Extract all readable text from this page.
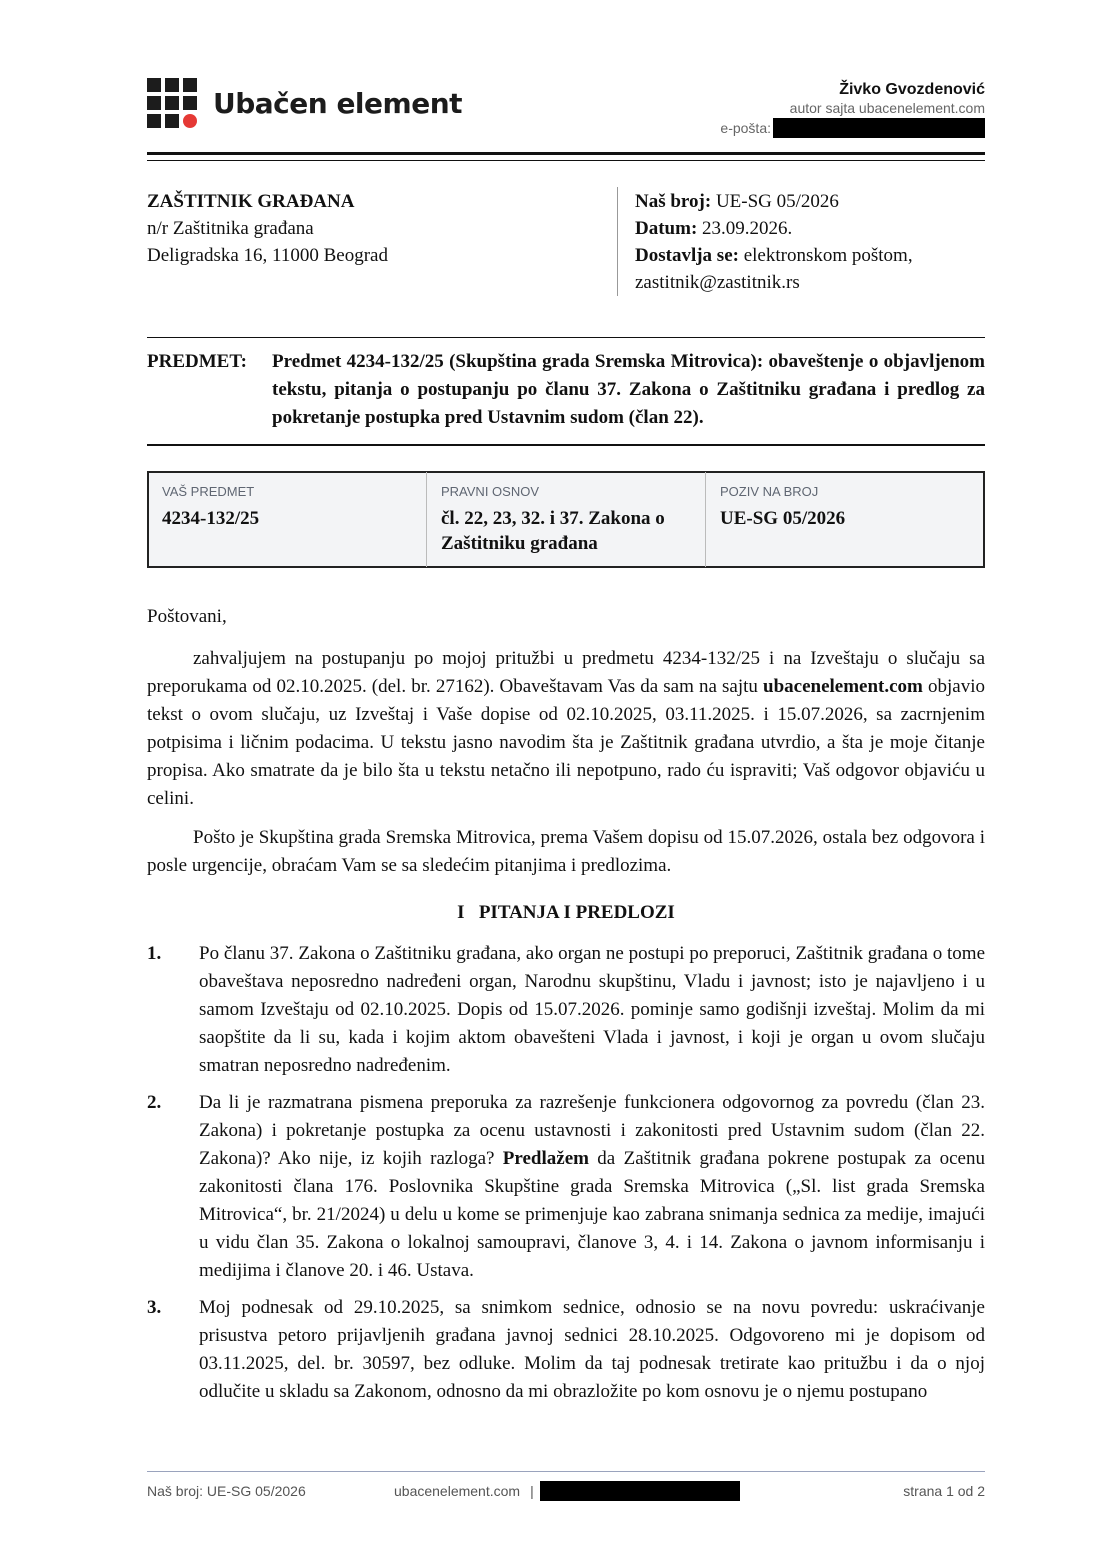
Ubačen element	Živko Gvozdenović
autor sajta ubacenelement.com
e-pošta:
ZAŠTITNIK GRAĐANA
n/r Zaštitnika građana
Deligradska 16, 11000 Beograd
Naš broj: UE-SG 05/2026
Datum: 23.09.2026.
Dostavlja se: elektronskom poštom,
zastitnik@zastitnik.rs
PREDMET:	Predmet 4234-132/25 (Skupština grada Sremska Mitrovica): obaveštenje o objavljenom tekstu, pitanja o postupanju po članu 37. Zakona o Zaštitniku građana i predlog za pokretanje postupka pred Ustavnim sudom (član 22).
VAŠ PREDMET
4234-132/25
PRAVNI OSNOV
čl. 22, 23, 32. i 37. Zakona o Zaštitniku građana
POZIV NA BROJ
UE-SG 05/2026

Poštovani,

zahvaljujem na postupanju po mojoj pritužbi u predmetu 4234-132/25 i na Izveštaju o slučaju sa preporukama od 02.10.2025. (del. br. 27162). Obaveštavam Vas da sam na sajtu ubacenelement.com objavio tekst o ovom slučaju, uz Izveštaj i Vaše dopise od 02.10.2025, 03.11.2025. i 15.07.2026, sa zacrnjenim potpisima i ličnim podacima. U tekstu jasno navodim šta je Zaštitnik građana utvrdio, a šta je moje čitanje propisa. Ako smatrate da je bilo šta u tekstu netačno ili nepotpuno, rado ću ispraviti; Vaš odgovor objaviću u celini.

Pošto je Skupština grada Sremska Mitrovica, prema Vašem dopisu od 15.07.2026, ostala bez odgovora i posle urgencije, obraćam Vam se sa sledećim pitanjima i predlozima.

I   PITANJA I PREDLOZI

1.	Po članu 37. Zakona o Zaštitniku građana, ako organ ne postupi po preporuci, Zaštitnik građana o tome obaveštava neposredno nadređeni organ, Narodnu skupštinu, Vladu i javnost; isto je najavljeno i u samom Izveštaju od 02.10.2025. Dopis od 15.07.2026. pominje samo godišnji izveštaj. Molim da mi saopštite da li su, kada i kojim aktom obavešteni Vlada i javnost, i koji je organ u ovom slučaju smatran neposredno nadređenim.
2.	Da li je razmatrana pismena preporuka za razrešenje funkcionera odgovornog za povredu (član 23. Zakona) i pokretanje postupka za ocenu ustavnosti i zakonitosti pred Ustavnim sudom (član 22. Zakona)? Ako nije, iz kojih razloga? Predlažem da Zaštitnik građana pokrene postupak za ocenu zakonitosti člana 176. Poslovnika Skupštine grada Sremska Mitrovica („Sl. list grada Sremska Mitrovica“, br. 21/2024) u delu u kome se primenjuje kao zabrana snimanja sednica za medije, imajući u vidu član 35. Zakona o lokalnoj samoupravi, članove 3, 4. i 14. Zakona o javnom informisanju i medijima i članove 20. i 46. Ustava.
3.	Moj podnesak od 29.10.2025, sa snimkom sednice, odnosio se na novu povredu: uskraćivanje prisustva petoro prijavljenih građana javnoj sednici 28.10.2025. Odgovoreno mi je dopisom od 03.11.2025, del. br. 30597, bez odluke. Molim da taj podnesak tretirate kao pritužbu i da o njoj odlučite u skladu sa Zakonom, odnosno da mi obrazložite po kom osnovu je o njemu postupano
Naš broj: UE-SG 05/2026	ubacenelement.com |	strana 1 od 2
